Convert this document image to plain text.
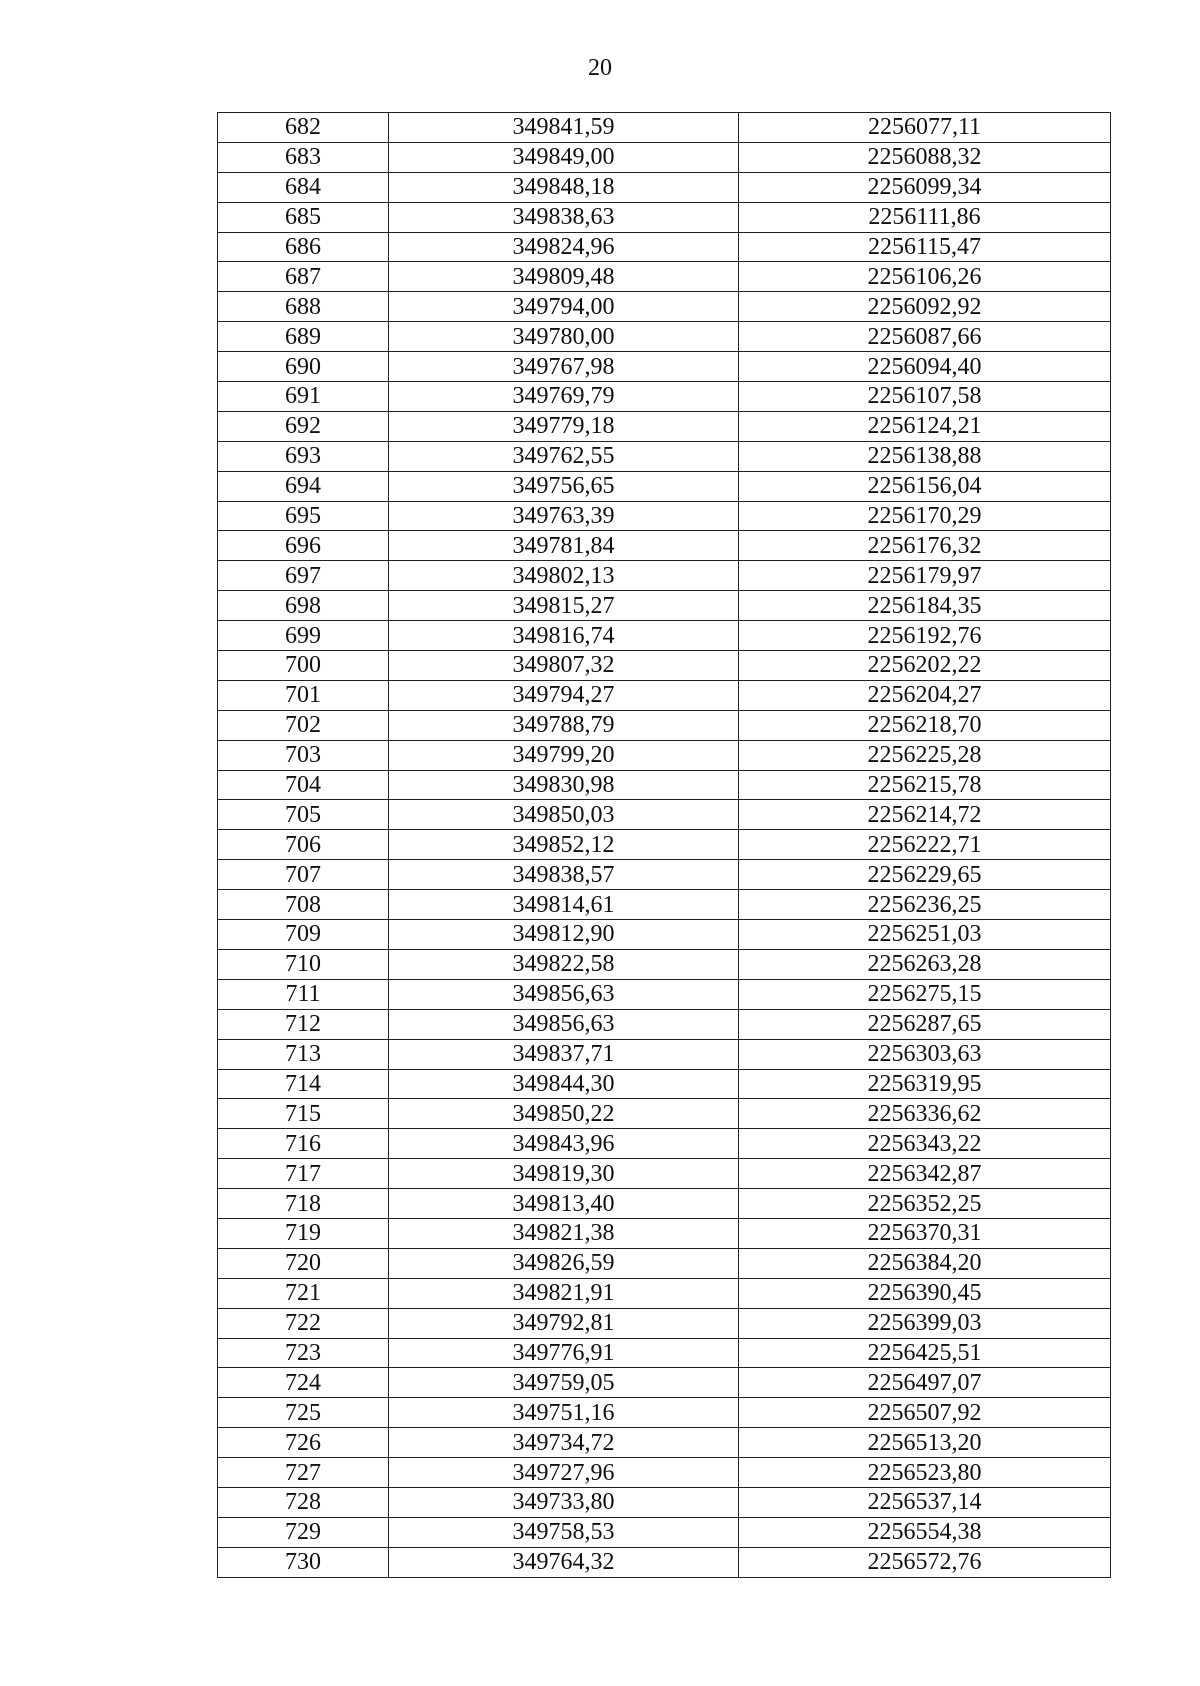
20
682	349841,59	2256077,11
683	349849,00	2256088,32
684	349848,18	2256099,34
685	349838,63	2256111,86
686	349824,96	2256115,47
687	349809,48	2256106,26
688	349794,00	2256092,92
689	349780,00	2256087,66
690	349767,98	2256094,40
691	349769,79	2256107,58
692	349779,18	2256124,21
693	349762,55	2256138,88
694	349756,65	2256156,04
695	349763,39	2256170,29
696	349781,84	2256176,32
697	349802,13	2256179,97
698	349815,27	2256184,35
699	349816,74	2256192,76
700	349807,32	2256202,22
701	349794,27	2256204,27
702	349788,79	2256218,70
703	349799,20	2256225,28
704	349830,98	2256215,78
705	349850,03	2256214,72
706	349852,12	2256222,71
707	349838,57	2256229,65
708	349814,61	2256236,25
709	349812,90	2256251,03
710	349822,58	2256263,28
711	349856,63	2256275,15
712	349856,63	2256287,65
713	349837,71	2256303,63
714	349844,30	2256319,95
715	349850,22	2256336,62
716	349843,96	2256343,22
717	349819,30	2256342,87
718	349813,40	2256352,25
719	349821,38	2256370,31
720	349826,59	2256384,20
721	349821,91	2256390,45
722	349792,81	2256399,03
723	349776,91	2256425,51
724	349759,05	2256497,07
725	349751,16	2256507,92
726	349734,72	2256513,20
727	349727,96	2256523,80
728	349733,80	2256537,14
729	349758,53	2256554,38
730	349764,32	2256572,76
